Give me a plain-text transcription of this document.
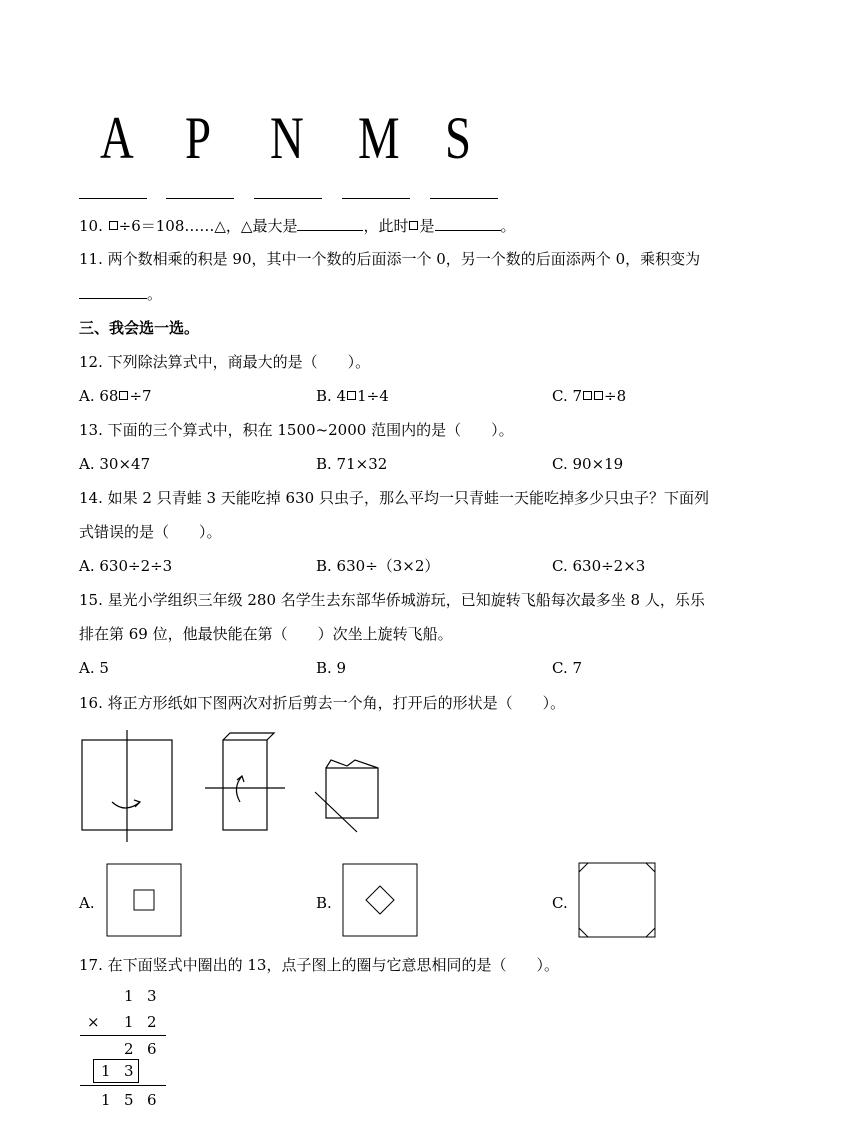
A P N M S
10. ÷6＝108……△，△最大是	，此时 是	。
11. 两个数相乘的积是 90，其中一个数的后面添一个 0，另一个数的后面添两个 0，乘积变为
。
三、我会选一选。
12. 下列除法算式中，商最大的是（　　）。
A. 68 ÷7	B. 4 1÷4	C. 7 ÷8
13. 下面的三个算式中，积在 1500~2000 范围内的是（　　）。
A. 30×47	B. 71×32	C. 90×19
14. 如果 2 只青蛙 3 天能吃掉 630 只虫子，那么平均一只青蛙一天能吃掉多少只虫子？下面列
式错误的是（　　）。
A. 630÷2÷3	B. 630÷（3×2）	C. 630÷2×3
15. 星光小学组织三年级 280 名学生去东部华侨城游玩，已知旋转飞船每次最多坐 8 人，乐乐
排在第 69 位，他最快能在第（　　）次坐上旋转飞船。
A. 5	B. 9	C. 7
16. 将正方形纸如下图两次对折后剪去一个角，打开后的形状是（　　）。
A.	B.	C.
17. 在下面竖式中圈出的 13，点子图上的圈与它意思相同的是（　　）。
1 3
× 1 2
2 6
1 3
1 5 6
